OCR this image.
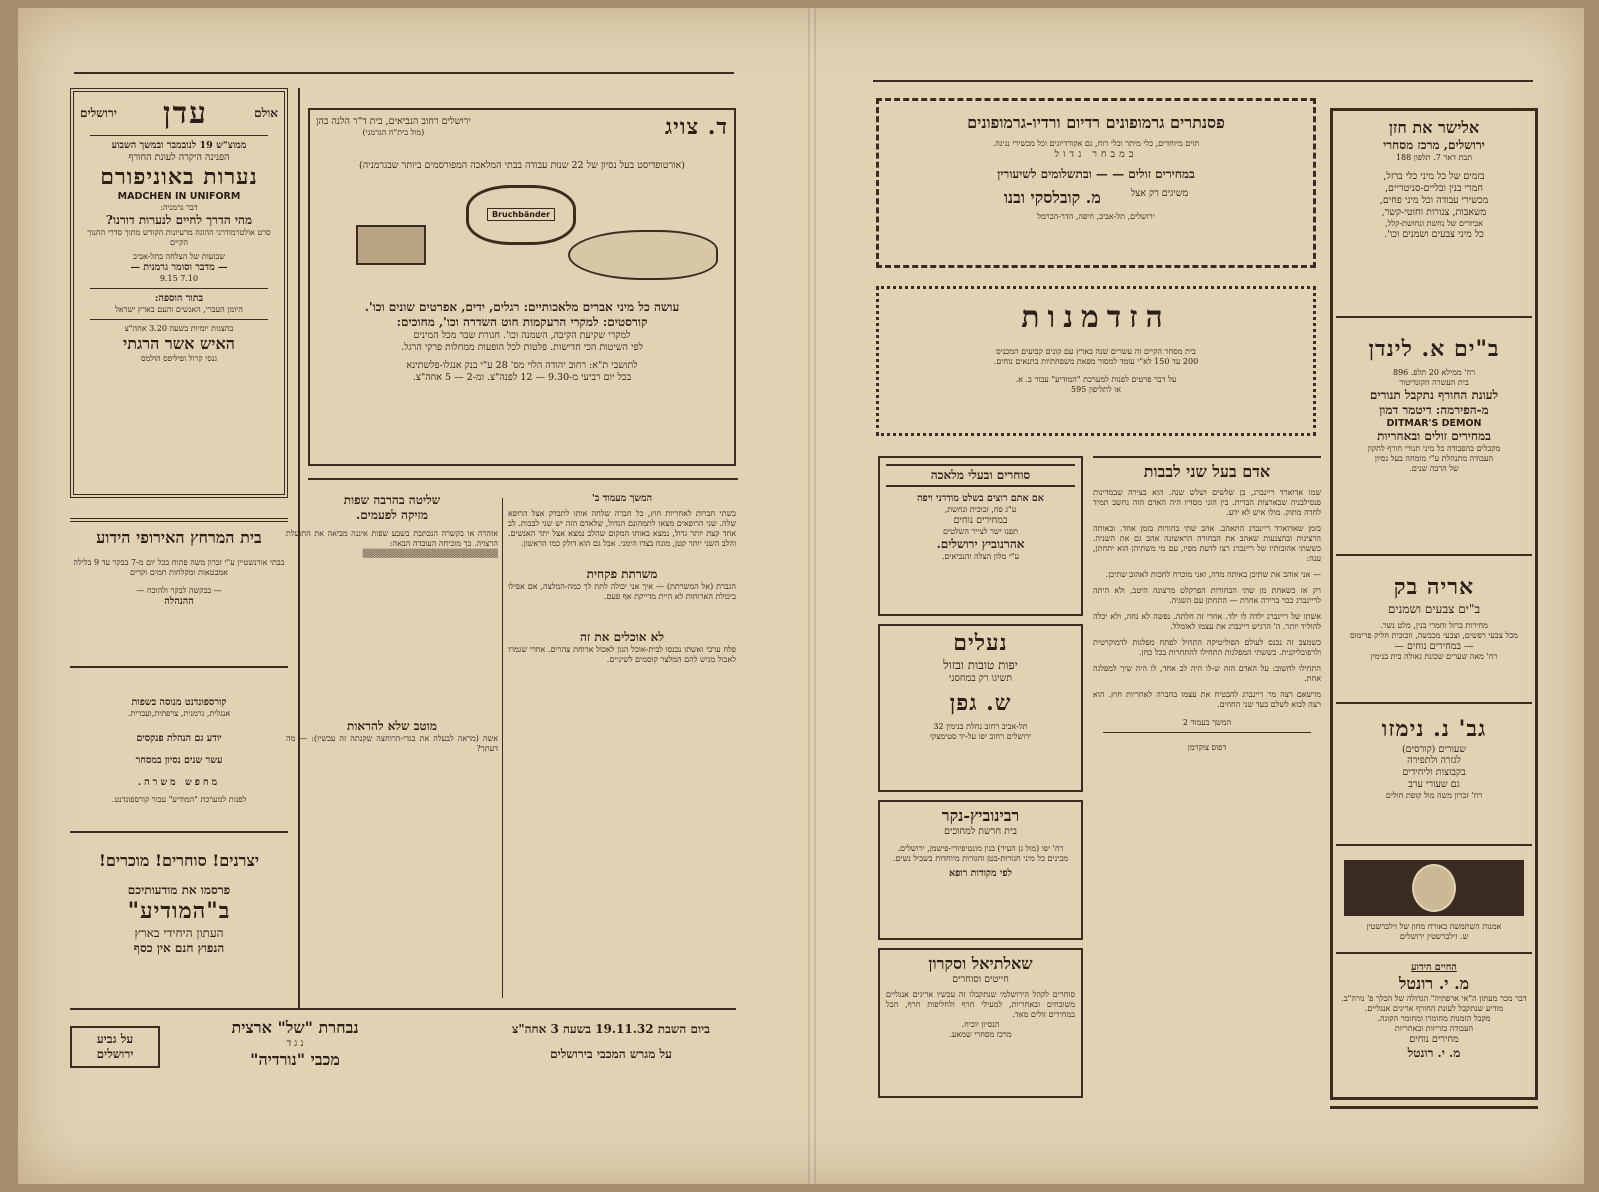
אולם
עדן
ירושלים
ממוצ"ש 19 לנובמבר ובמשך השבוע
הפנינה היקרה לעונת החורף
נערות באוניפורם
MADCHEN IN UNIFORM
דבר גרמניה:
מהי הדרך לחיים לנערות דורנו?
סרט אולטרמודרני ההוגה מרעיונות הקודש מתוך סדרי החנוך הקיים
שבועות של הצלחה בתל-אביב
— מדבר וסומר גרמנית —
7.10 9.15
בתור הוספה:
היומן העברי, האנשים והעם בארץ ישראל
בהצגות יומיות בשעה 3.20 אחה"צ
האיש אשר הרגתי
גנסי קרול ופיליפס הולמס
ד. צויג
ירושלים רחוב הנביאים, בית ד"ר הלנה כהן
(מול בית"ח הגרמני)
(אורטופדיסט בעל נסיון של 22 שנות עבודה בבתי המלאכה המפורסמים ביותר שבגרמניה)
Bruchbänder
עושה כל מיני אברים מלאכותיים: רגלים, ידים, אפרטים שונים וכו'.
קורסטים: למקרי הרעקמות חוט השדרה וכו', מחוכים:
למקרי שקיעת הקיבה, השמנה וכו'. חגורת שבר מכל המינים
לפי השיטות הכי חדישות. פלטות לכל הופעות ממחלות פרקי הרגל.
לתושבי ת"א: רחוב יהודה הלוי מס' 28 ע"י בנק אנגלו-פלשתינא
בכל יום רביעי מ-9.30 — 12 לפנה"צ. ומ-2 — 5 אחה"צ.
המשך מעמוד ב'
בשתי חברות לאחריות חוץ, כל חברה שלחה אותו לתבדק אצל הרופא שלה. שני הרופאים מצאו לתמהונם הגדול, שלאדם הזה יש שני לבבות. לב אחד קצת יותר גדול, נמצא באותו המקום שהלב נמצא אצל יתר האנשים. והלב השני יותר קטן, מונח בצדו הימני. אבל גם הוא דולק כמו הראשון.
משרתת פקחית
הגברת (אל המשרתת) — איך אני יכולה לתת לך כמה-המלצה, אם אפילו ביכולת הארוחות לא היית מדייקת אף פעם.
לא אוכלים את זה
פלח ערבי ואשתו נכנסו לבית-אוכל הגון לאכול ארוחת צהרים. אחרי שגמרו לאכול מגיש להם המלצר קוסמים לשיניים.
שליטה בהרבה שפות
מזיקה לפעמים.
אזהרה או בקשרה הנכתבת בשבע שפות איננה מביאה את התועלת הרצויה. כך מוכיחה העובדה הבאה:
▒▒▒▒▒▒▒▒▒▒▒▒▒▒▒▒▒▒▒▒▒▒
מוטב שלא להראות
אשה (מראה לבעלה את בגדי-הרוחצה שקנתה זה עכשיו): — מה דעתך?
בית המרחץ האירופי הידוע
בבתי אורנשטיין ע"י זכרון משה פתוח בכל יום מ-7 בבקר עד 9 בלילה
אמבטאות ומקלחות חמים וקרים
— בבקשה לבקר ולהוכח —
ההנהלה
קורספונדנט מנוסה בשפות
אנגלית, גרמנית, צרפתית,ועברית.
יודע גם הנהלת פנקסים
עשר שנים נסיון במסחר
מחפש משרה.
לפנות למערכת "המודיע" עבור קורספונדנט.
יצרנים! סוחרים! מוכרים!
פרסמו את מודעותיכם
ב"המודיע"
העתון היחידי בארץ
הנפוץ חנם אין כסף
ביום השבת 19.11.32 בשעה 3 אחה"צ
על מגרש המכבי בירושלים
נבחרת "של" ארצית
נ ג ד
מכבי "נורדיה"
על גביע
ירושלים
פסנתרים גרמופונים רדיום ורדיו-גרמופונים
תוים מיוחדים, כלי מיתר וכלי רוח, גם אקורדיונים וכל מכשירי נגינה.
במבחר גדול
במחירים זולים — — ובתשלומים לשיעורין
משיגים רק אצל
מ. קובלסקי ובנו
ירושלים, תל-אביב, חיפה, הדר-הכרמל
הזדמנות
בית מסחר הקיים זה עשרים שנה בארץ עם קונים קבועים המכניס
200 עד 150 לא"י עומד למסור מפאת משפחתיות בתנאים נוחים.
על דבר פרטים לפנות למערכת "המודיע" עבור ב. א.
או לתליפון 595
סוחרים ובעלי מלאכה
אם אתם רוצים בשלט מודרני ויפה
ע"ג פח, זכוכית ונחשת,
במחירים נוחים
תפנו ישר לצייר השלטים
אהרנוביץ ירושלים.
ע"י מלון הצלה והנביאים.
נעלים
יפות טובות ובזול
תשיגו רק במחסני
ש. גפן
תל-אביב רחוב נחלת בנימין 32
ירושלים רחוב יפו על-יד סטימצקי
רבינוביץ-נקר
בית חרשת למחוכים
רח' יפו (מול גן העיר) בנין מונטיפיורי-פישמן, ירושלים.
מכינים כל מיני חגורות-בטן וחגורות מיוחדות בשביל נשים.
לפי מקודות רופא
שאלתיאל וסקרון
חייטים וסוחרים
סוחרים לקהל הירושלמי שנתקבלו זה עכשיו אריגים אנגליים משובחים ובאחריות, למעילי חרף ולחליפות חרף, הכל במחירים זולים מאד.
הנסיון יוכיח.
מרכז מסחרי שמאע.
אדם בעל שני לבבות
שמו אדוארד ריינברג, בן שלשים ושלש שנה. הוא בצירה שבמדינות פנסילבניה שבארצות הברית. בין הוני מסדיו היה האדם הזה נחשב תמיד לחדה מתוק. מולו איש לא ידע.
בזמן שאדוארד ריינברג התאהב. אהב שתי בחורות בזמן אחד. ובאותה הרצינות ובהצנעות שאהב את הבחורה הראשונה אהב גם את השניה. כששתי אהובותיו של ריינברג רצו לדעת מפיו, עם מי משתיהן הוא יתחתן, ענה:
— אני אוהב את שתיכן באותה מדה, ואני מוכרח לחכות לאהוב שתיכן.
רק אז כשאחת מן שתי הבחורות הפרקלט מרצונה היטב, ולא היתה לריינברג כבר ברירה אחרת — התחתן עם השניה.
אשתו של ריינברג ילדה לו ילד. אחרי זה חלתה. נפשה לא נחה, ולא יכלה להוליד יותר. ה' הרגיש ריינברג את עצמו לאומלל.
כשמצב זה נכנס לעולם הפוליטיקה התחיל לפתח מפלגות לדמוקרטית ולרפובליקנית. כששתי המפלגות התחילו להתחרות בכל כחן.
התחילו לחשוב: על האדם הזה ש-לו היה לב אחד, לו היה שיך למפלגה אחת.
מרשאם רצה מר ריינברג להבטיח את עצמו בחברה לאחריות חוץ. הוא רצה לבוא לשלם בעד שני החוזים.
המשך בעמוד 2
דפוס צוקרמן
אלישר את חזן
ירושלים, מרכז מסחרי
תבת דאר 7. תלפון 188
בזמים של כל מיני כלי ברזל,
חמרי בנין ובליים-סניטריים,
מכשירי עבודה וכל מיני פחים,
משאבות, צנורות וחוטי-קשר,
אביזרים של נחשת ונחושת-קלל,
כל מיני צבעים ושמנים וכו'.
ב"ים א. לינדן
רח' ממילא 20 תלפ. 896
בית העשרה הקונדיטור
לעונת החורף נתקבל תנורים
מ-הפירמה: דיטמר דמון
DITMAR'S DEMON
במחירים זולים ובאחריות
מקבלים בהפבודה כל מיני תנורי חורף לתקון
העבודה מתנהלת ע"י מומחה בעל נסיון
של הרבה שנים.
אריה בק
ב"ים צבעים ושמנים
מחירות ברזל וחמרי בנין, מלט נשר.
מכל צבעי רפשים, וצבעי מכבשה, וזכוכית חליק פרימוס
— במחירים נוחים —
רח' מאה שערים שכונת גאולה בית בנימין
גב' נ. נימזו
שעורים (קורסים)
לגזרה ולתפירה
בקבוצות וליחידים
גם שעורי ערב
רח' זכרון משה מול קופת חולים
אמנות השתמשה באורח מחון של זילברשטין
ש. זילברשטין ירושלים
החיים הידוע
מ. י. רונטל
דבר מכר מעתון ה"אי ארפתיה" הגדולה של הכלך פ' נורה"ב.
מודיע שנתקבל לעונת החורף אריגים אנגליים.
מקבל הזמנות מחומרו ומחומר הקונה.
העבודה בזריזות ובאחריות
מחירים נוחים
מ. י. רונטל
